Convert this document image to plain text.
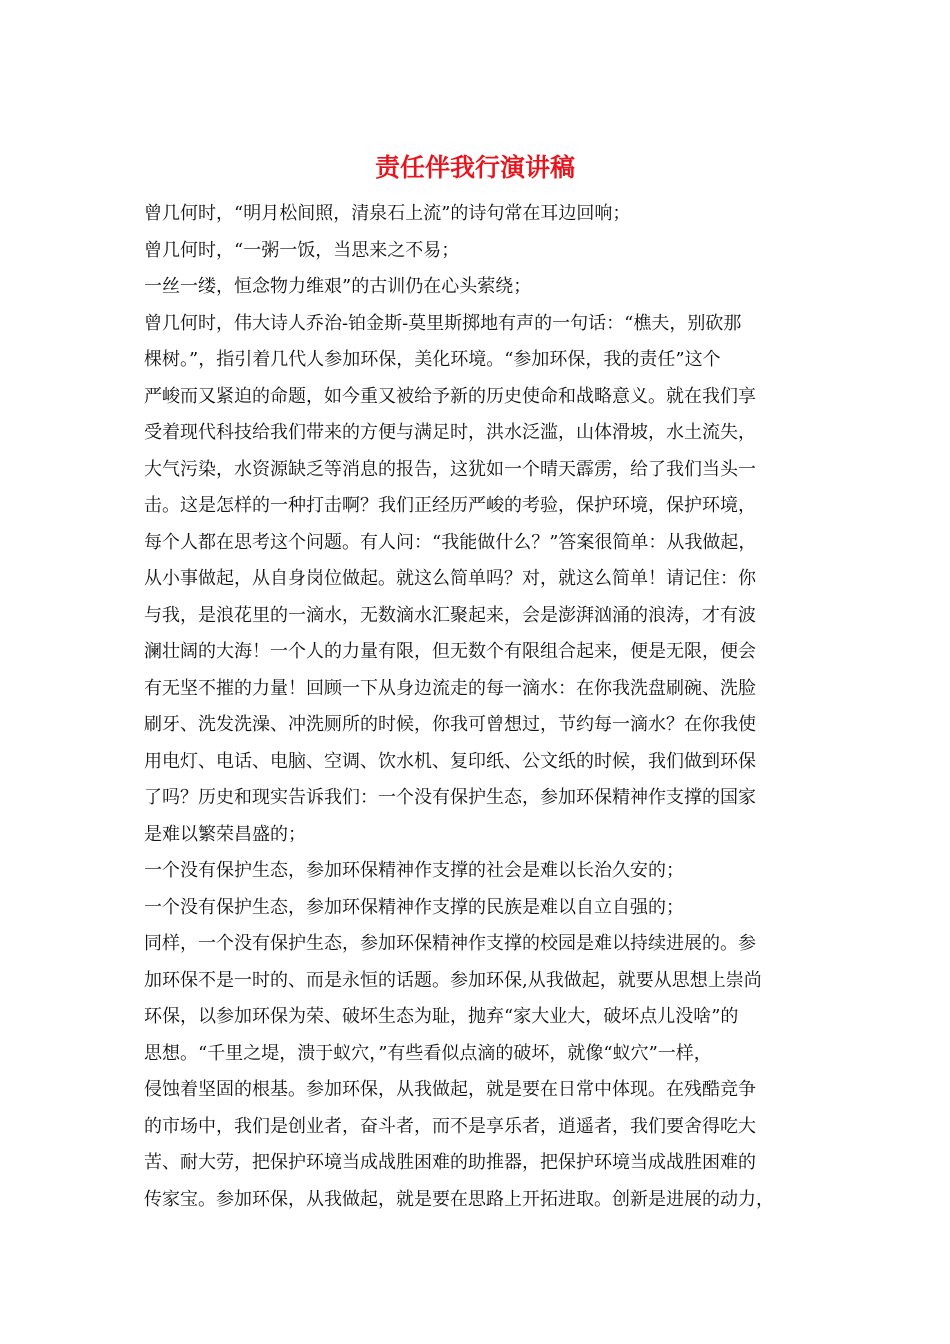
责任伴我行演讲稿

曾几何时，“明月松间照，清泉石上流”的诗句常在耳边回响；

曾几何时，“一粥一饭，当思来之不易；

一丝一缕，恒念物力维艰”的古训仍在心头萦绕；

曾几何时，伟大诗人乔治-铂金斯-莫里斯掷地有声的一句话：“樵夫，别砍那
棵树。”，指引着几代人参加环保，美化环境。“参加环保，我的责任”这个
严峻而又紧迫的命题，如今重又被给予新的历史使命和战略意义。就在我们享
受着现代科技给我们带来的方便与满足时，洪水泛滥，山体滑坡，水土流失，
大气污染，水资源缺乏等消息的报告，这犹如一个晴天霹雳，给了我们当头一
击。这是怎样的一种打击啊？我们正经历严峻的考验，保护环境，保护环境，
每个人都在思考这个问题。有人问：“我能做什么？”答案很简单：从我做起，
从小事做起，从自身岗位做起。就这么简单吗？对，就这么简单！请记住：你
与我，是浪花里的一滴水，无数滴水汇聚起来，会是澎湃汹涌的浪涛，才有波
澜壮阔的大海！一个人的力量有限，但无数个有限组合起来，便是无限，便会
有无坚不摧的力量！回顾一下从身边流走的每一滴水：在你我洗盘刷碗、洗脸
刷牙、洗发洗澡、冲洗厕所的时候，你我可曾想过，节约每一滴水？在你我使
用电灯、电话、电脑、空调、饮水机、复印纸、公文纸的时候，我们做到环保
了吗？历史和现实告诉我们：一个没有保护生态，参加环保精神作支撑的国家
是难以繁荣昌盛的；

一个没有保护生态，参加环保精神作支撑的社会是难以长治久安的；

一个没有保护生态，参加环保精神作支撑的民族是难以自立自强的；

同样，一个没有保护生态，参加环保精神作支撑的校园是难以持续进展的。参
加环保不是一时的、而是永恒的话题。参加环保,从我做起，就要从思想上崇尚
环保，以参加环保为荣、破坏生态为耻，抛弃“家大业大，破坏点儿没啥”的
思想。“千里之堤，溃于蚁穴，”有些看似点滴的破坏，就像“蚁穴”一样，
侵蚀着坚固的根基。参加环保，从我做起，就是要在日常中体现。在残酷竞争
的市场中，我们是创业者，奋斗者，而不是享乐者，逍遥者，我们要舍得吃大
苦、耐大劳，把保护环境当成战胜困难的助推器，把保护环境当成战胜困难的
传家宝。参加环保，从我做起，就是要在思路上开拓进取。创新是进展的动力，
